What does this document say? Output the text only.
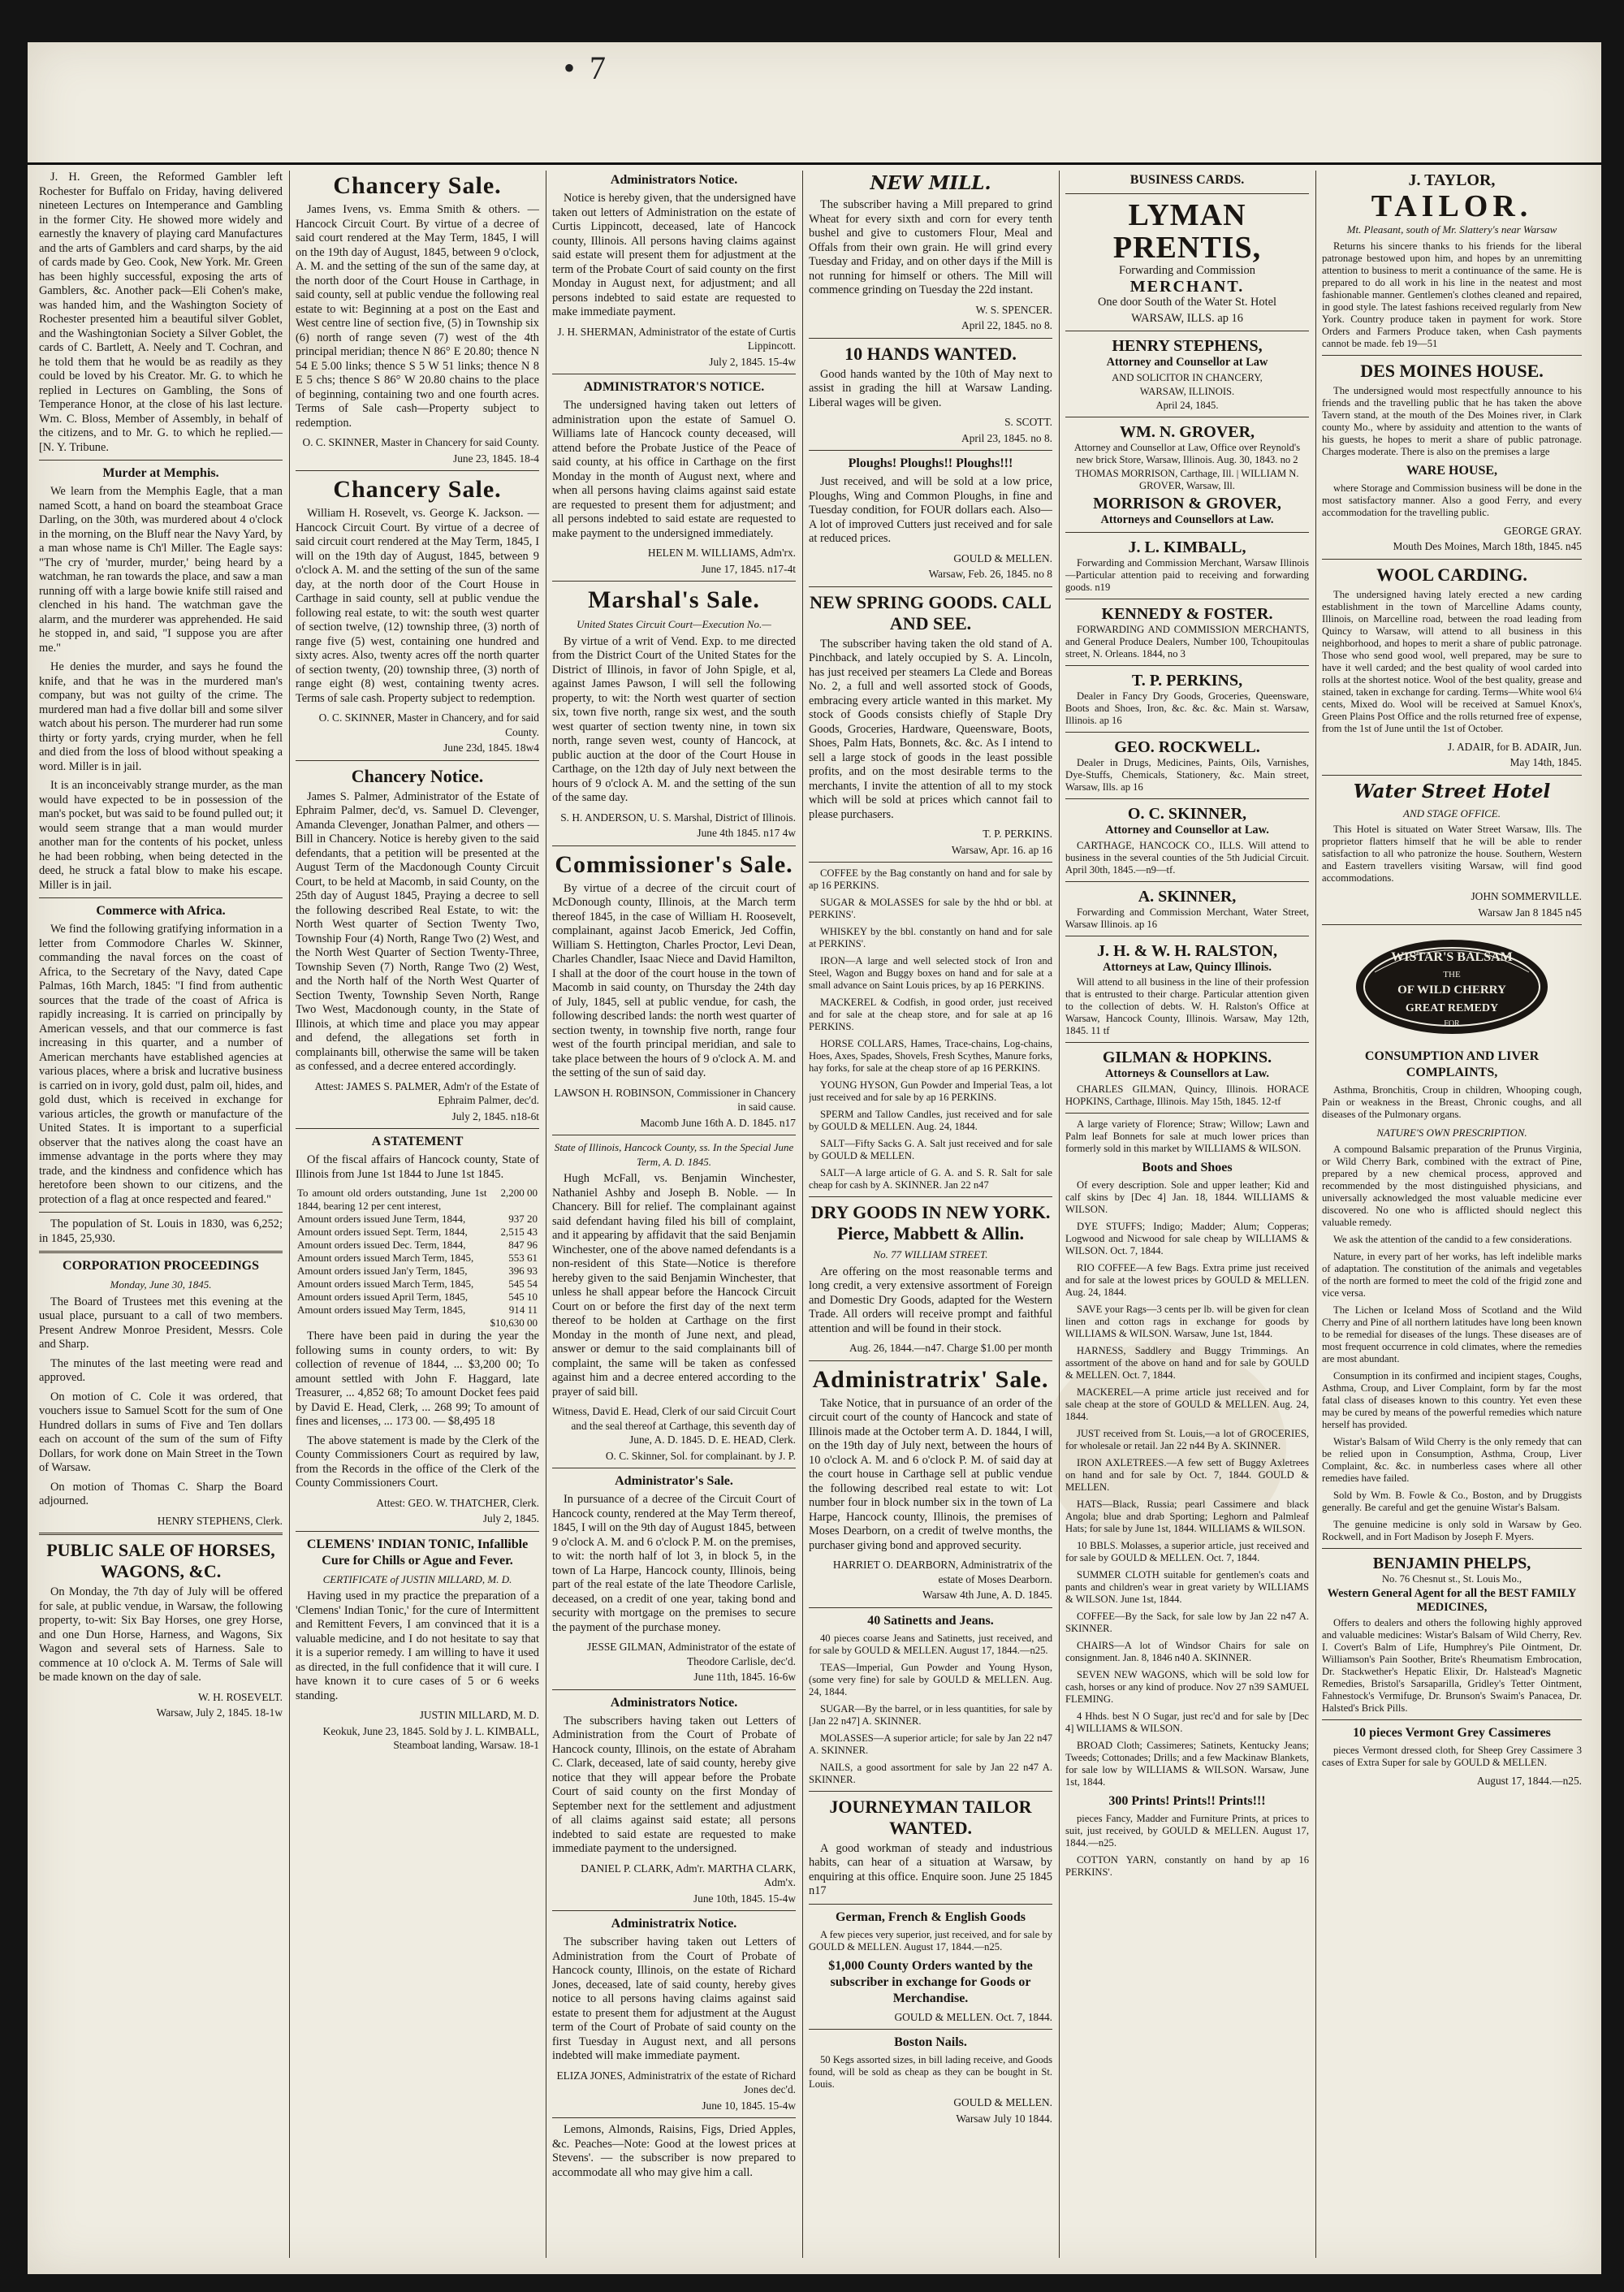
• 7

J. H. Green, the Reformed Gambler left Rochester for Buffalo on Friday, having delivered nineteen Lectures on Intemperance and Gambling in the former City. He showed more widely and earnestly the knavery of playing card Manufactures and the arts of Gamblers and card sharps, by the aid of cards made by Geo. Cook, New York. Mr. Green has been highly successful, exposing the arts of Gamblers, &c. Another pack—Eli Cohen's make, was handed him, and the Washington Society of Rochester presented him a beautiful silver Goblet, and the Washingtonian Society a Silver Goblet, the cards of C. Bartlett, A. Neely and T. Cochran, and he told them that he would be as readily as they could be loved by his Creator. Mr. G. to which he replied in Lectures on Gambling, the Sons of Temperance Honor, at the close of his last lecture. Wm. C. Bloss, Member of Assembly, in behalf of the citizens, and to Mr. G. to which he replied.—[N. Y. Tribune.

Murder at Memphis.

We learn from the Memphis Eagle, that a man named Scott, a hand on board the steamboat Grace Darling, on the 30th, was murdered about 4 o'clock in the morning, on the Bluff near the Navy Yard, by a man whose name is Ch'l Miller. The Eagle says: "The cry of 'murder, murder,' being heard by a watchman, he ran towards the place, and saw a man running off with a large bowie knife still raised and clenched in his hand. The watchman gave the alarm, and the murderer was apprehended. He said he stopped in, and said, "I suppose you are after me."

He denies the murder, and says he found the knife, and that he was in the murdered man's company, but was not guilty of the crime. The murdered man had a five dollar bill and some silver watch about his person. The murderer had run some thirty or forty yards, crying murder, when he fell and died from the loss of blood without speaking a word. Miller is in jail.

It is an inconceivably strange murder, as the man would have expected to be in possession of the man's pocket, but was said to be found pulled out; it would seem strange that a man would murder another man for the contents of his pocket, unless he had been robbing, when being detected in the deed, he struck a fatal blow to make his escape. Miller is in jail.

Commerce with Africa.

We find the following gratifying information in a letter from Commodore Charles W. Skinner, commanding the naval forces on the coast of Africa, to the Secretary of the Navy, dated Cape Palmas, 16th March, 1845: "I find from authentic sources that the trade of the coast of Africa is rapidly increasing. It is carried on principally by American vessels, and that our commerce is fast increasing in this quarter, and a number of American merchants have established agencies at various places, where a brisk and lucrative business is carried on in ivory, gold dust, palm oil, hides, and gold dust, which is received in exchange for various articles, the growth or manufacture of the United States. It is important to a superficial observer that the natives along the coast have an immense advantage in the ports where they may trade, and the kindness and confidence which has heretofore been shown to our citizens, and the protection of a flag at once respected and feared."

The population of St. Louis in 1830, was 6,252; in 1845, 25,930.

CORPORATION PROCEEDINGS

Monday, June 30, 1845.

The Board of Trustees met this evening at the usual place, pursuant to a call of two members. Present Andrew Monroe President, Messrs. Cole and Sharp.

The minutes of the last meeting were read and approved.

On motion of C. Cole it was ordered, that vouchers issue to Samuel Scott for the sum of One Hundred dollars in sums of Five and Ten dollars each on account of the sum of the sum of Fifty Dollars, for work done on Main Street in the Town of Warsaw.

On motion of Thomas C. Sharp the Board adjourned.

HENRY STEPHENS, Clerk.

PUBLIC SALE OF HORSES, WAGONS, &C.

On Monday, the 7th day of July will be offered for sale, at public vendue, in Warsaw, the following property, to-wit: Six Bay Horses, one grey Horse, and one Dun Horse, Harness, and Wagons, Six Wagon and several sets of Harness. Sale to commence at 10 o'clock A. M. Terms of Sale will be made known on the day of sale.

W. H. ROSEVELT.

Warsaw, July 2, 1845. 18-1w

Chancery Sale.

James Ivens, vs. Emma Smith & others. — Hancock Circuit Court. By virtue of a decree of said court rendered at the May Term, 1845, I will on the 19th day of August, 1845, between 9 o'clock, A. M. and the setting of the sun of the same day, at the north door of the Court House in Carthage, in said county, sell at public vendue the following real estate to wit: Beginning at a post on the East and West centre line of section five, (5) in Township six (6) north of range seven (7) west of the 4th principal meridian; thence N 86° E 20.80; thence N 54 E 5.00 links; thence S 5 W 51 links; thence N 8 E 5 chs; thence S 86° W 20.80 chains to the place of beginning, containing two and one fourth acres. Terms of Sale cash—Property subject to redemption.

O. C. SKINNER, Master in Chancery for said County.

June 23, 1845. 18-4

Chancery Sale.

William H. Rosevelt, vs. George K. Jackson. — Hancock Circuit Court. By virtue of a decree of said circuit court rendered at the May Term, 1845, I will on the 19th day of August, 1845, between 9 o'clock A. M. and the setting of the sun of the same day, at the north door of the Court House in Carthage in said county, sell at public vendue the following real estate, to wit: the south west quarter of section twelve, (12) township three, (3) north of range five (5) west, containing one hundred and sixty acres. Also, twenty acres off the north quarter of section twenty, (20) township three, (3) north of range eight (8) west, containing twenty acres. Terms of sale cash. Property subject to redemption.

O. C. SKINNER, Master in Chancery, and for said County.

June 23d, 1845. 18w4

Chancery Notice.

James S. Palmer, Administrator of the Estate of Ephraim Palmer, dec'd, vs. Samuel D. Clevenger, Amanda Clevenger, Jonathan Palmer, and others — Bill in Chancery. Notice is hereby given to the said defendants, that a petition will be presented at the August Term of the Macdonough County Circuit Court, to be held at Macomb, in said County, on the 25th day of August 1845, Praying a decree to sell the following described Real Estate, to wit: the North West quarter of Section Twenty Two, Township Four (4) North, Range Two (2) West, and the North West Quarter of Section Twenty-Three, Township Seven (7) North, Range Two (2) West, and the North half of the North West Quarter of Section Twenty, Township Seven North, Range Two West, Macdonough county, in the State of Illinois, at which time and place you may appear and defend, the allegations set forth in complainants bill, otherwise the same will be taken as confessed, and a decree entered accordingly.

Attest: JAMES S. PALMER, Adm'r of the Estate of Ephraim Palmer, dec'd.

July 2, 1845. n18-6t

A STATEMENT

Of the fiscal affairs of Hancock county, State of Illinois from June 1st 1844 to June 1st 1845.

To amount old orders outstanding, June 1st 1844, bearing 12 per cent interest,	2,200 00
Amount orders issued June Term, 1844,	937 20
Amount orders issued Sept. Term, 1844,	2,515 43
Amount orders issued Dec. Term, 1844,	847 96
Amount orders issued March Term, 1845,	553 61
Amount orders issued Jan'y Term, 1845,	396 93
Amount orders issued March Term, 1845,	545 54
Amount orders issued April Term, 1845,	545 10
Amount orders issued May Term, 1845,	914 11
	$10,630 00

There have been paid in during the year the following sums in county orders, to wit: By collection of revenue of 1844, ... $3,200 00; To amount settled with John F. Haggard, late Treasurer, ... 4,852 68; To amount Docket fees paid by David E. Head, Clerk, ... 268 99; To amount of fines and licenses, ... 173 00. — $8,495 18

The above statement is made by the Clerk of the County Commissioners Court as required by law, from the Records in the office of the Clerk of the County Commissioners Court.

Attest: GEO. W. THATCHER, Clerk.

July 2, 1845.

CLEMENS' INDIAN TONIC, Infallible Cure for Chills or Ague and Fever.

CERTIFICATE of JUSTIN MILLARD, M. D.

Having used in my practice the preparation of a 'Clemens' Indian Tonic,' for the cure of Intermittent and Remittent Fevers, I am convinced that it is a valuable medicine, and I do not hesitate to say that it is a superior remedy. I am willing to have it used as directed, in the full confidence that it will cure. I have known it to cure cases of 5 or 6 weeks standing.

JUSTIN MILLARD, M. D.

Keokuk, June 23, 1845. Sold by J. L. KIMBALL, Steamboat landing, Warsaw. 18-1

Administrators Notice.

Notice is hereby given, that the undersigned have taken out letters of Administration on the estate of Curtis Lippincott, deceased, late of Hancock county, Illinois. All persons having claims against said estate will present them for adjustment at the term of the Probate Court of said county on the first Monday in August next, for adjustment; and all persons indebted to said estate are requested to make immediate payment.

J. H. SHERMAN, Administrator of the estate of Curtis Lippincott.

July 2, 1845. 15-4w

ADMINISTRATOR'S NOTICE.

The undersigned having taken out letters of administration upon the estate of Samuel O. Williams late of Hancock county deceased, will attend before the Probate Justice of the Peace of said county, at his office in Carthage on the first Monday in the month of August next, where and when all persons having claims against said estate are requested to present them for adjustment; and all persons indebted to said estate are requested to make payment to the undersigned immediately.

HELEN M. WILLIAMS, Adm'rx.

June 17, 1845. n17-4t

Marshal's Sale.

United States Circuit Court—Execution No.—

By virtue of a writ of Vend. Exp. to me directed from the District Court of the United States for the District of Illinois, in favor of John Spigle, et al, against James Pawson, I will sell the following property, to wit: the North west quarter of section six, town five north, range six west, and the south west quarter of section twenty nine, in town six north, range seven west, county of Hancock, at public auction at the door of the Court House in Carthage, on the 12th day of July next between the hours of 9 o'clock A. M. and the setting of the sun of the same day.

S. H. ANDERSON, U. S. Marshal, District of Illinois.

June 4th 1845. n17 4w

Commissioner's Sale.

By virtue of a decree of the circuit court of McDonough county, Illinois, at the March term thereof 1845, in the case of William H. Roosevelt, complainant, against Jacob Emerick, Jed Coffin, William S. Hettington, Charles Proctor, Levi Dean, Charles Chandler, Isaac Niece and David Hamilton, I shall at the door of the court house in the town of Macomb in said county, on Thursday the 24th day of July, 1845, sell at public vendue, for cash, the following described lands: the north west quarter of section twenty, in township five north, range four west of the fourth principal meridian, and sale to take place between the hours of 9 o'clock A. M. and the setting of the sun of said day.

LAWSON H. ROBINSON, Commissioner in Chancery in said cause.

Macomb June 16th A. D. 1845. n17

State of Illinois, Hancock County, ss. In the Special June Term, A. D. 1845.

Hugh McFall, vs. Benjamin Winchester, Nathaniel Ashby and Joseph B. Noble. — In Chancery. Bill for relief. The complainant against said defendant having filed his bill of complaint, and it appearing by affidavit that the said Benjamin Winchester, one of the above named defendants is a non-resident of this State—Notice is therefore hereby given to the said Benjamin Winchester, that unless he shall appear before the Hancock Circuit Court on or before the first day of the next term thereof to be holden at Carthage on the first Monday in the month of June next, and plead, answer or demur to the said complainants bill of complaint, the same will be taken as confessed against him and a decree entered according to the prayer of said bill.

Witness, David E. Head, Clerk of our said Circuit Court and the seal thereof at Carthage, this seventh day of June, A. D. 1845. D. E. HEAD, Clerk.

O. C. Skinner, Sol. for complainant. by J. P.

Administrator's Sale.

In pursuance of a decree of the Circuit Court of Hancock county, rendered at the May Term thereof, 1845, I will on the 9th day of August 1845, between 9 o'clock A. M. and 6 o'clock P. M. on the premises, to wit: the north half of lot 3, in block 5, in the town of La Harpe, Hancock county, Illinois, being part of the real estate of the late Theodore Carlisle, deceased, on a credit of one year, taking bond and security with mortgage on the premises to secure the payment of the purchase money.

JESSE GILMAN, Administrator of the estate of Theodore Carlisle, dec'd.

June 11th, 1845. 16-6w

Administrators Notice.

The subscribers having taken out Letters of Administration from the Court of Probate of Hancock county, Illinois, on the estate of Abraham C. Clark, deceased, late of said county, hereby give notice that they will appear before the Probate Court of said county on the first Monday of September next for the settlement and adjustment of all claims against said estate; all persons indebted to said estate are requested to make immediate payment to the undersigned.

DANIEL P. CLARK, Adm'r. MARTHA CLARK, Adm'x.

June 10th, 1845. 15-4w

Administratrix Notice.

The subscriber having taken out Letters of Administration from the Court of Probate of Hancock county, Illinois, on the estate of Richard Jones, deceased, late of said county, hereby gives notice to all persons having claims against said estate to present them for adjustment at the August term of the Court of Probate of said county on the first Tuesday in August next, and all persons indebted will make immediate payment.

ELIZA JONES, Administratrix of the estate of Richard Jones dec'd.

June 10, 1845. 15-4w

Lemons, Almonds, Raisins, Figs, Dried Apples, &c. Peaches—Note: Good at the lowest prices at Stevens'. — the subscriber is now prepared to accommodate all who may give him a call.

NEW MILL.

The subscriber having a Mill prepared to grind Wheat for every sixth and corn for every tenth bushel and give to customers Flour, Meal and Offals from their own grain. He will grind every Tuesday and Friday, and on other days if the Mill is not running for himself or others. The Mill will commence grinding on Tuesday the 22d instant.

W. S. SPENCER.

April 22, 1845. no 8.

10 HANDS WANTED.

Good hands wanted by the 10th of May next to assist in grading the hill at Warsaw Landing. Liberal wages will be given.

S. SCOTT.

April 23, 1845. no 8.

Ploughs! Ploughs!! Ploughs!!!

Just received, and will be sold at a low price, Ploughs, Wing and Common Ploughs, in fine and Tuesday condition, for FOUR dollars each. Also—A lot of improved Cutters just received and for sale at reduced prices.

GOULD & MELLEN.

Warsaw, Feb. 26, 1845. no 8

NEW SPRING GOODS. CALL AND SEE.

The subscriber having taken the old stand of A. Pinchback, and lately occupied by S. A. Lincoln, has just received per steamers La Clede and Boreas No. 2, a full and well assorted stock of Goods, embracing every article wanted in this market. My stock of Goods consists chiefly of Staple Dry Goods, Groceries, Hardware, Queensware, Boots, Shoes, Palm Hats, Bonnets, &c. &c. As I intend to sell a large stock of goods in the least possible profits, and on the most desirable terms to the merchants, I invite the attention of all to my stock which will be sold at prices which cannot fail to please purchasers.

T. P. PERKINS.

Warsaw, Apr. 16. ap 16

COFFEE by the Bag constantly on hand and for sale by ap 16 PERKINS.

SUGAR & MOLASSES for sale by the hhd or bbl. at PERKINS'.

WHISKEY by the bbl. constantly on hand and for sale at PERKINS'.

IRON—A large and well selected stock of Iron and Steel, Wagon and Buggy boxes on hand and for sale at a small advance on Saint Louis prices, by ap 16 PERKINS.

MACKEREL & Codfish, in good order, just received and for sale at the cheap store, and for sale at ap 16 PERKINS.

HORSE COLLARS, Hames, Trace-chains, Log-chains, Hoes, Axes, Spades, Shovels, Fresh Scythes, Manure forks, hay forks, for sale at the cheap store of ap 16 PERKINS.

YOUNG HYSON, Gun Powder and Imperial Teas, a lot just received and for sale by ap 16 PERKINS.

SPERM and Tallow Candles, just received and for sale by GOULD & MELLEN. Aug. 24, 1844.

SALT—Fifty Sacks G. A. Salt just received and for sale by GOULD & MELLEN.

SALT—A large article of G. A. and S. R. Salt for sale cheap for cash by A. SKINNER. Jan 22 n47

DRY GOODS IN NEW YORK. Pierce, Mabbett & Allin.

No. 77 WILLIAM STREET.

Are offering on the most reasonable terms and long credit, a very extensive assortment of Foreign and Domestic Dry Goods, adapted for the Western Trade. All orders will receive prompt and faithful attention and will be found in their stock.

Aug. 26, 1844.—n47. Charge $1.00 per month

Administratrix' Sale.

Take Notice, that in pursuance of an order of the circuit court of the county of Hancock and state of Illinois made at the October term A. D. 1844, I will, on the 19th day of July next, between the hours of 10 o'clock A. M. and 6 o'clock P. M. of said day at the court house in Carthage sell at public vendue the following described real estate to wit: Lot number four in block number six in the town of La Harpe, Hancock county, Illinois, the premises of Moses Dearborn, on a credit of twelve months, the purchaser giving bond and approved security.

HARRIET O. DEARBORN, Administratrix of the estate of Moses Dearborn.

Warsaw 4th June, A. D. 1845.

40 Satinetts and Jeans.

40 pieces coarse Jeans and Satinetts, just received, and for sale by GOULD & MELLEN. August 17, 1844.—n25.

TEAS—Imperial, Gun Powder and Young Hyson, (some very fine) for sale by GOULD & MELLEN. Aug. 24, 1844.

SUGAR—By the barrel, or in less quantities, for sale by [Jan 22 n47] A. SKINNER.

MOLASSES—A superior article; for sale by Jan 22 n47 A. SKINNER.

NAILS, a good assortment for sale by Jan 22 n47 A. SKINNER.

JOURNEYMAN TAILOR WANTED.

A good workman of steady and industrious habits, can hear of a situation at Warsaw, by enquiring at this office. Enquire soon. June 25 1845 n17

German, French & English Goods

A few pieces very superior, just received, and for sale by GOULD & MELLEN. August 17, 1844.—n25.

$1,000 County Orders wanted by the subscriber in exchange for Goods or Merchandise.

GOULD & MELLEN. Oct. 7, 1844.

Boston Nails.

50 Kegs assorted sizes, in bill lading receive, and Goods found, will be sold as cheap as they can be bought in St. Louis.

GOULD & MELLEN.

Warsaw July 10 1844.

BUSINESS CARDS.

LYMAN PRENTIS,

Forwarding and Commission

MERCHANT.

One door South of the Water St. Hotel

WARSAW, ILLS. ap 16

HENRY STEPHENS,

Attorney and Counsellor at Law

AND SOLICITOR IN CHANCERY,

WARSAW, ILLINOIS.

April 24, 1845.

WM. N. GROVER,

Attorney and Counsellor at Law, Office over Reynold's new brick Store, Warsaw, Illinois. Aug. 30, 1843. no 2

THOMAS MORRISON, Carthage, Ill. | WILLIAM N. GROVER, Warsaw, Ill.

MORRISON & GROVER,

Attorneys and Counsellors at Law.

J. L. KIMBALL,

Forwarding and Commission Merchant, Warsaw Illinois—Particular attention paid to receiving and forwarding goods. n19

KENNEDY & FOSTER.

FORWARDING AND COMMISSION MERCHANTS, and General Produce Dealers, Number 100, Tchoupitoulas street, N. Orleans. 1844, no 3

T. P. PERKINS,

Dealer in Fancy Dry Goods, Groceries, Queensware, Boots and Shoes, Iron, &c. &c. &c. Main st. Warsaw, Illinois. ap 16

GEO. ROCKWELL.

Dealer in Drugs, Medicines, Paints, Oils, Varnishes, Dye-Stuffs, Chemicals, Stationery, &c. Main street, Warsaw, Ills. ap 16

O. C. SKINNER,

Attorney and Counsellor at Law.

CARTHAGE, HANCOCK CO., ILLS. Will attend to business in the several counties of the 5th Judicial Circuit. April 30th, 1845.—n9—tf.

A. SKINNER,

Forwarding and Commission Merchant, Water Street, Warsaw Illinois. ap 16

J. H. & W. H. RALSTON,

Attorneys at Law, Quincy Illinois.

Will attend to all business in the line of their profession that is entrusted to their charge. Particular attention given to the collection of debts. W. H. Ralston's Office at Warsaw, Hancock County, Illinois. Warsaw, May 12th, 1845. 11 tf

GILMAN & HOPKINS.

Attorneys & Counsellors at Law.

CHARLES GILMAN, Quincy, Illinois. HORACE HOPKINS, Carthage, Illinois. May 15th, 1845. 12-tf

A large variety of Florence; Straw; Willow; Lawn and Palm leaf Bonnets for sale at much lower prices than formerly sold in this market by WILLIAMS & WILSON.

Boots and Shoes

Of every description. Sole and upper leather; Kid and calf skins by [Dec 4] Jan. 18, 1844. WILLIAMS & WILSON.

DYE STUFFS; Indigo; Madder; Alum; Copperas; Logwood and Nicwood for sale cheap by WILLIAMS & WILSON. Oct. 7, 1844.

RIO COFFEE—A few Bags. Extra prime just received and for sale at the lowest prices by GOULD & MELLEN. Aug. 24, 1844.

SAVE your Rags—3 cents per lb. will be given for clean linen and cotton rags in exchange for goods by WILLIAMS & WILSON. Warsaw, June 1st, 1844.

HARNESS, Saddlery and Buggy Trimmings. An assortment of the above on hand and for sale by GOULD & MELLEN. Oct. 7, 1844.

MACKEREL—A prime article just received and for sale cheap at the store of GOULD & MELLEN. Aug. 24, 1844.

JUST received from St. Louis,—a lot of GROCERIES, for wholesale or retail. Jan 22 n44 By A. SKINNER.

IRON AXLETREES.—A few sett of Buggy Axletrees on hand and for sale by Oct. 7, 1844. GOULD & MELLEN.

HATS—Black, Russia; pearl Cassimere and black Angola; blue and drab Sporting; Leghorn and Palmleaf Hats; for sale by June 1st, 1844. WILLIAMS & WILSON.

10 BBLS. Molasses, a superior article, just received and for sale by GOULD & MELLEN. Oct. 7, 1844.

SUMMER CLOTH suitable for gentlemen's coats and pants and children's wear in great variety by WILLIAMS & WILSON. June 1st, 1844.

COFFEE—By the Sack, for sale low by Jan 22 n47 A. SKINNER.

CHAIRS—A lot of Windsor Chairs for sale on consignment. Jan. 8, 1846 n40 A. SKINNER.

SEVEN NEW WAGONS, which will be sold low for cash, horses or any kind of produce. Nov 27 n39 SAMUEL FLEMING.

4 Hhds. best N O Sugar, just rec'd and for sale by [Dec 4] WILLIAMS & WILSON.

BROAD Cloth; Cassimeres; Satinets, Kentucky Jeans; Tweeds; Cottonades; Drills; and a few Mackinaw Blankets, for sale low by WILLIAMS & WILSON. Warsaw, June 1st, 1844.

300 Prints! Prints!! Prints!!!

pieces Fancy, Madder and Furniture Prints, at prices to suit, just received, by GOULD & MELLEN. August 17, 1844.—n25.

COTTON YARN, constantly on hand by ap 16 PERKINS'.

J. TAYLOR,
TAILOR.

Mt. Pleasant, south of Mr. Slattery's near Warsaw

Returns his sincere thanks to his friends for the liberal patronage bestowed upon him, and hopes by an unremitting attention to business to merit a continuance of the same. He is prepared to do all work in his line in the neatest and most fashionable manner. Gentlemen's clothes cleaned and repaired, in good style. The latest fashions received regularly from New York. Country produce taken in payment for work. Store Orders and Farmers Produce taken, when Cash payments cannot be made. feb 19—51

DES MOINES HOUSE.

The undersigned would most respectfully announce to his friends and the travelling public that he has taken the above Tavern stand, at the mouth of the Des Moines river, in Clark county Mo., where by assiduity and attention to the wants of his guests, he hopes to merit a share of public patronage. Charges moderate. There is also on the premises a large

WARE HOUSE,

where Storage and Commission business will be done in the most satisfactory manner. Also a good Ferry, and every accommodation for the travelling public.

GEORGE GRAY.

Mouth Des Moines, March 18th, 1845. n45

WOOL CARDING.

The undersigned having lately erected a new carding establishment in the town of Marcelline Adams county, Illinois, on Marcelline road, between the road leading from Quincy to Warsaw, will attend to all business in this neighborhood, and hopes to merit a share of public patronage. Those who send good wool, well prepared, may be sure to have it well carded; and the best quality of wool carded into rolls at the shortest notice. Wool of the best quality, grease and stained, taken in exchange for carding. Terms—White wool 6¼ cents, Mixed do. Wool will be received at Samuel Knox's, Green Plains Post Office and the rolls returned free of expense, from the 1st of June until the 1st of October.

J. ADAIR, for B. ADAIR, Jun.

May 14th, 1845.

Water Street Hotel

AND STAGE OFFICE.

This Hotel is situated on Water Street Warsaw, Ills. The proprietor flatters himself that he will be able to render satisfaction to all who patronize the house. Southern, Western and Eastern travellers visiting Warsaw, will find good accommodations.

JOHN SOMMERVILLE.

Warsaw Jan 8 1845 n45

WISTAR'S BALSAM
THE
OF WILD CHERRY
GREAT REMEDY
FOR

CONSUMPTION AND LIVER COMPLAINTS,

Asthma, Bronchitis, Croup in children, Whooping cough, Pain or weakness in the Breast, Chronic coughs, and all diseases of the Pulmonary organs.

NATURE'S OWN PRESCRIPTION.

A compound Balsamic preparation of the Prunus Virginia, or Wild Cherry Bark, combined with the extract of Pine, prepared by a new chemical process, approved and recommended by the most distinguished physicians, and universally acknowledged the most valuable medicine ever discovered. No one who is afflicted should neglect this valuable remedy.

We ask the attention of the candid to a few considerations.

Nature, in every part of her works, has left indelible marks of adaptation. The constitution of the animals and vegetables of the north are formed to meet the cold of the frigid zone and vice versa.

The Lichen or Iceland Moss of Scotland and the Wild Cherry and Pine of all northern latitudes have long been known to be remedial for diseases of the lungs. These diseases are of most frequent occurrence in cold climates, where the remedies are most abundant.

Consumption in its confirmed and incipient stages, Coughs, Asthma, Croup, and Liver Complaint, form by far the most fatal class of diseases known to this country. Yet even these may be cured by means of the powerful remedies which nature herself has provided.

Wistar's Balsam of Wild Cherry is the only remedy that can be relied upon in Consumption, Asthma, Croup, Liver Complaint, &c. &c. in numberless cases where all other remedies have failed.

Sold by Wm. B. Fowle & Co., Boston, and by Druggists generally. Be careful and get the genuine Wistar's Balsam.

The genuine medicine is only sold in Warsaw by Geo. Rockwell, and in Fort Madison by Joseph F. Myers.

BENJAMIN PHELPS,

No. 76 Chesnut st., St. Louis Mo.,

Western General Agent for all the BEST FAMILY MEDICINES,

Offers to dealers and others the following highly approved and valuable medicines: Wistar's Balsam of Wild Cherry, Rev. I. Covert's Balm of Life, Humphrey's Pile Ointment, Dr. Williamson's Pain Soother, Brite's Rheumatism Embrocation, Dr. Stackwether's Hepatic Elixir, Dr. Halstead's Magnetic Remedies, Bristol's Sarsaparilla, Gridley's Tetter Ointment, Fahnestock's Vermifuge, Dr. Brunson's Swaim's Panacea, Dr. Halsted's Brick Pills.

10 pieces Vermont Grey Cassimeres

pieces Vermont dressed cloth, for Sheep Grey Cassimere 3 cases of Extra Super for sale by GOULD & MELLEN.

August 17, 1844.—n25.
